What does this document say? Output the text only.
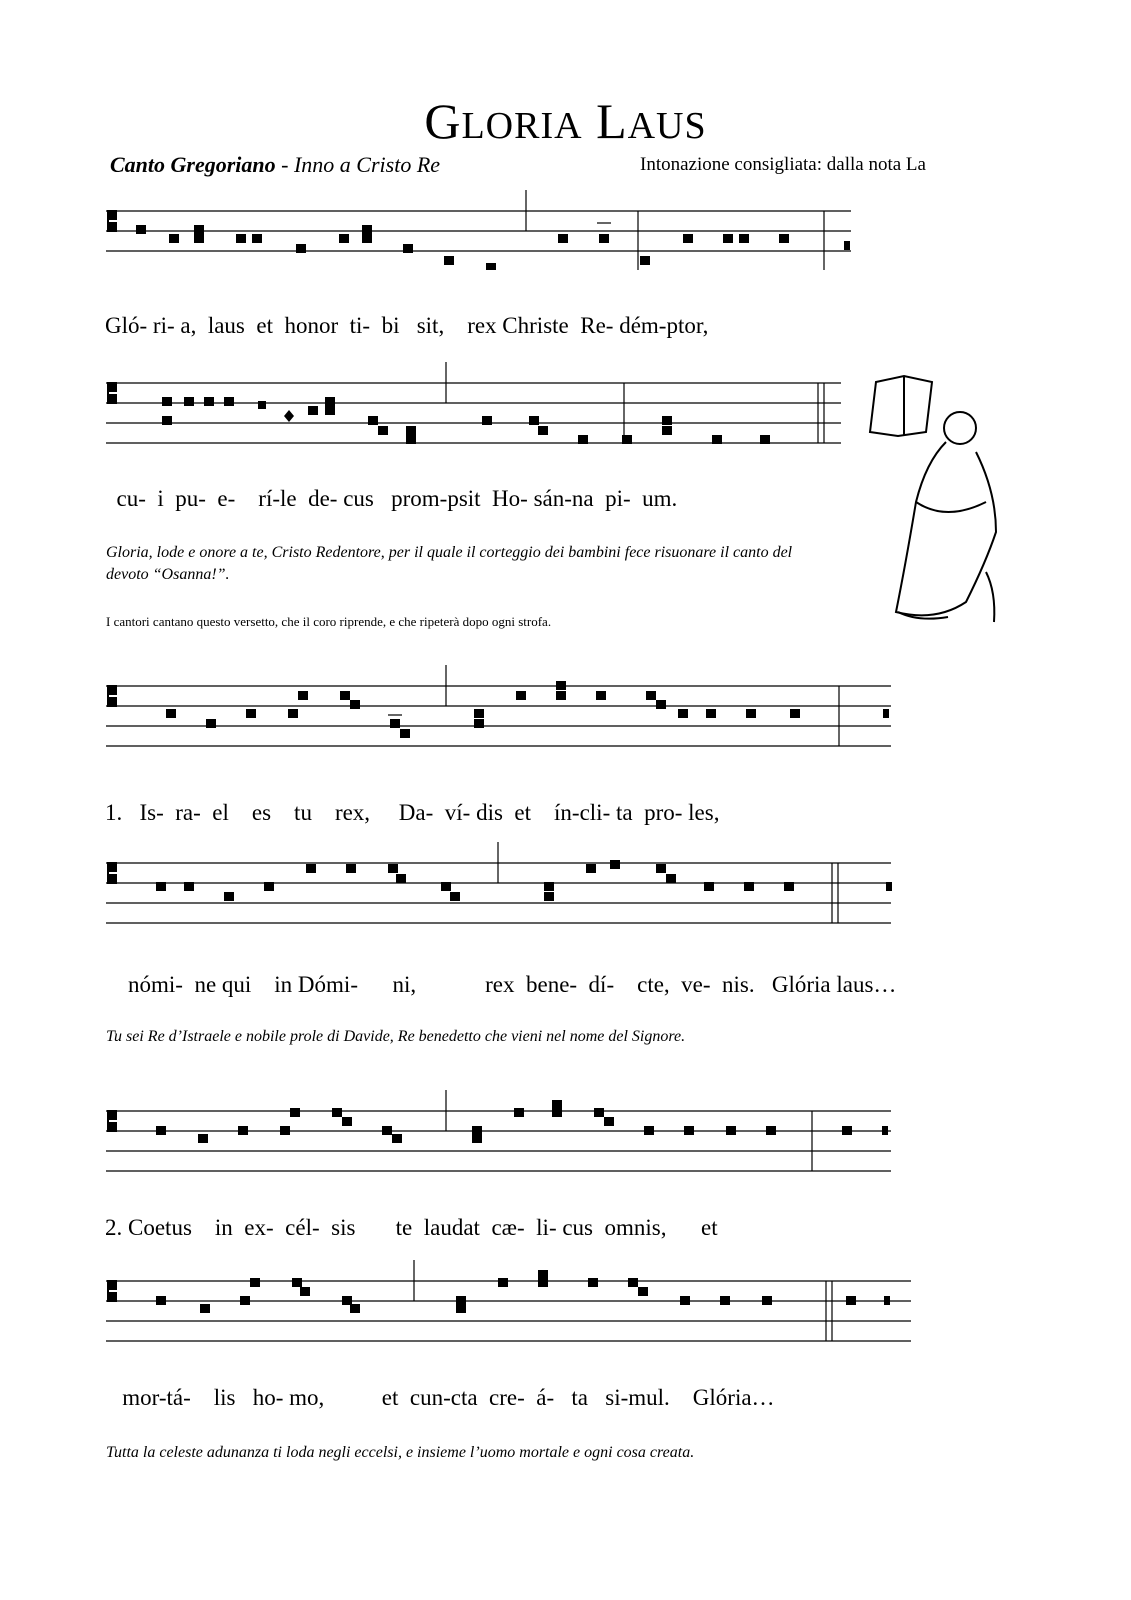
GLORIA LAUS
Canto Gregoriano - Inno a Cristo Re	Intonazione consigliata: dalla nota La
Gló- ri- a,  laus  et  honor  ti-  bi   sit,    rex Christe  Re- dém-ptor,
cu-  i  pu-  e-    rí-le  de- cus   prom-psit  Ho- sán-na  pi-  um.
Gloria, lode e onore a te, Cristo Redentore, per il quale il corteggio dei bambini fece risuonare il canto del devoto “Osanna!”.
I cantori cantano questo versetto, che il coro riprende, e che ripeterà dopo ogni strofa.
1.   Is-  ra-  el    es    tu    rex,     Da-  ví- dis  et    ín-cli- ta  pro- les,
nómi-  ne qui    in Dómi-      ni,            rex  bene-  dí-    cte,  ve-  nis.   Glória laus…
Tu sei Re d’Istraele e nobile prole di Davide, Re benedetto che vieni nel nome del Signore.
2. Coetus    in  ex-  cél-  sis       te  laudat  cæ-  li- cus  omnis,      et
mor-tá-    lis   ho- mo,          et  cun-cta  cre-  á-   ta   si-mul.    Glória…
Tutta la celeste adunanza ti loda negli eccelsi, e insieme l’uomo mortale e ogni cosa creata.
